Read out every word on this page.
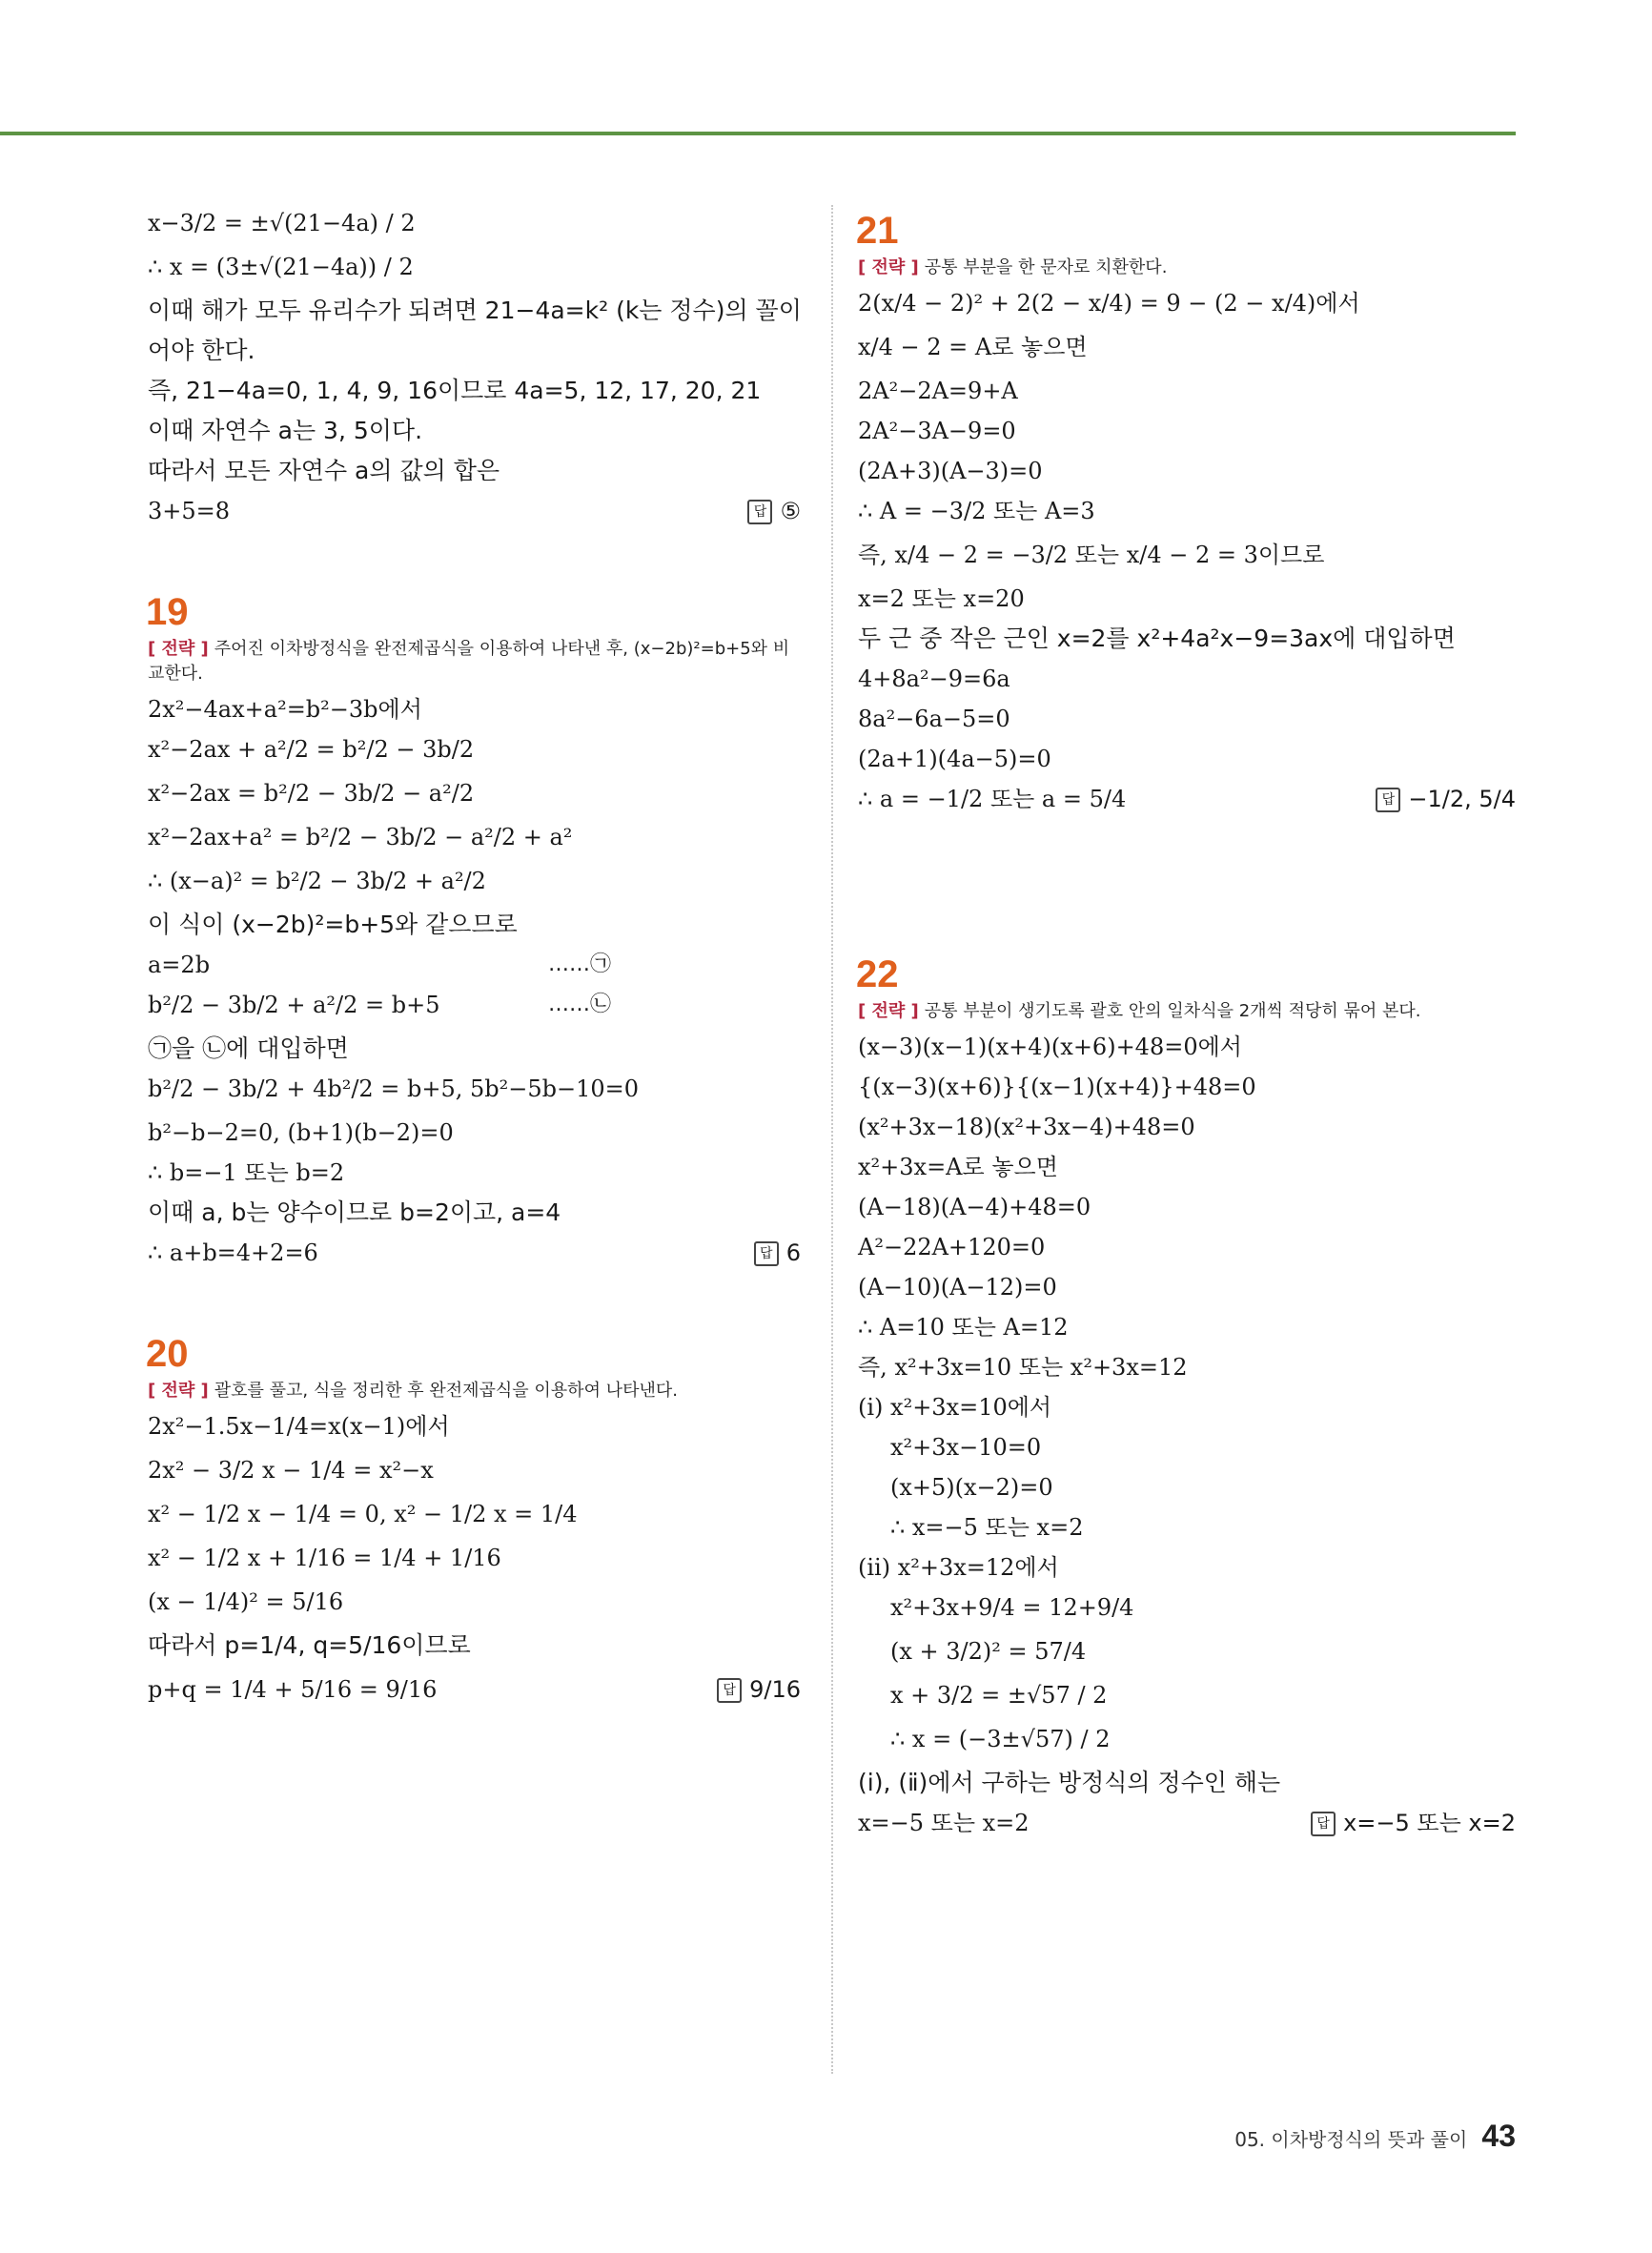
x−3/2 = ±√(21−4a) / 2
∴ x = (3±√(21−4a)) / 2
이때 해가 모두 유리수가 되려면 21−4a=k² (k는 정수)의 꼴이
어야 한다.
즉, 21−4a=0, 1, 4, 9, 16이므로 4a=5, 12, 17, 20, 21
이때 자연수 a는 3, 5이다.
따라서 모든 자연수 a의 값의 합은
3+5=8	답 ⑤
19
[ 전략 ] 주어진 이차방정식을 완전제곱식을 이용하여 나타낸 후, (x−2b)²=b+5와 비교한다.
2x²−4ax+a²=b²−3b에서
x²−2ax + a²/2 = b²/2 − 3b/2
x²−2ax = b²/2 − 3b/2 − a²/2
x²−2ax+a² = b²/2 − 3b/2 − a²/2 + a²
∴ (x−a)² = b²/2 − 3b/2 + a²/2
이 식이 (x−2b)²=b+5와 같으므로
a=2b	……㉠
b²/2 − 3b/2 + a²/2 = b+5	……㉡
㉠을 ㉡에 대입하면
b²/2 − 3b/2 + 4b²/2 = b+5, 5b²−5b−10=0
b²−b−2=0, (b+1)(b−2)=0
∴ b=−1 또는 b=2
이때 a, b는 양수이므로 b=2이고, a=4
∴ a+b=4+2=6	답 6
20
[ 전략 ] 괄호를 풀고, 식을 정리한 후 완전제곱식을 이용하여 나타낸다.
2x²−1.5x−1/4=x(x−1)에서
2x² − 3/2 x − 1/4 = x²−x
x² − 1/2 x − 1/4 = 0, x² − 1/2 x = 1/4
x² − 1/2 x + 1/16 = 1/4 + 1/16
(x − 1/4)² = 5/16
따라서 p=1/4, q=5/16이므로
p+q = 1/4 + 5/16 = 9/16	답 9/16
21
[ 전략 ] 공통 부분을 한 문자로 치환한다.
2(x/4 − 2)² + 2(2 − x/4) = 9 − (2 − x/4)에서
x/4 − 2 = A로 놓으면
2A²−2A=9+A
2A²−3A−9=0
(2A+3)(A−3)=0
∴ A = −3/2 또는 A=3
즉, x/4 − 2 = −3/2 또는 x/4 − 2 = 3이므로
x=2 또는 x=20
두 근 중 작은 근인 x=2를 x²+4a²x−9=3ax에 대입하면
4+8a²−9=6a
8a²−6a−5=0
(2a+1)(4a−5)=0
∴ a = −1/2 또는 a = 5/4	답 −1/2, 5/4
22
[ 전략 ] 공통 부분이 생기도록 괄호 안의 일차식을 2개씩 적당히 묶어 본다.
(x−3)(x−1)(x+4)(x+6)+48=0에서
{(x−3)(x+6)}{(x−1)(x+4)}+48=0
(x²+3x−18)(x²+3x−4)+48=0
x²+3x=A로 놓으면
(A−18)(A−4)+48=0
A²−22A+120=0
(A−10)(A−12)=0
∴ A=10 또는 A=12
즉, x²+3x=10 또는 x²+3x=12
(ⅰ) x²+3x=10에서
x²+3x−10=0
(x+5)(x−2)=0
∴ x=−5 또는 x=2
(ⅱ) x²+3x=12에서
x²+3x+9/4 = 12+9/4
(x + 3/2)² = 57/4
x + 3/2 = ±√57 / 2
∴ x = (−3±√57) / 2
(ⅰ), (ⅱ)에서 구하는 방정식의 정수인 해는
x=−5 또는 x=2	답 x=−5 또는 x=2
05. 이차방정식의 뜻과 풀이 43
